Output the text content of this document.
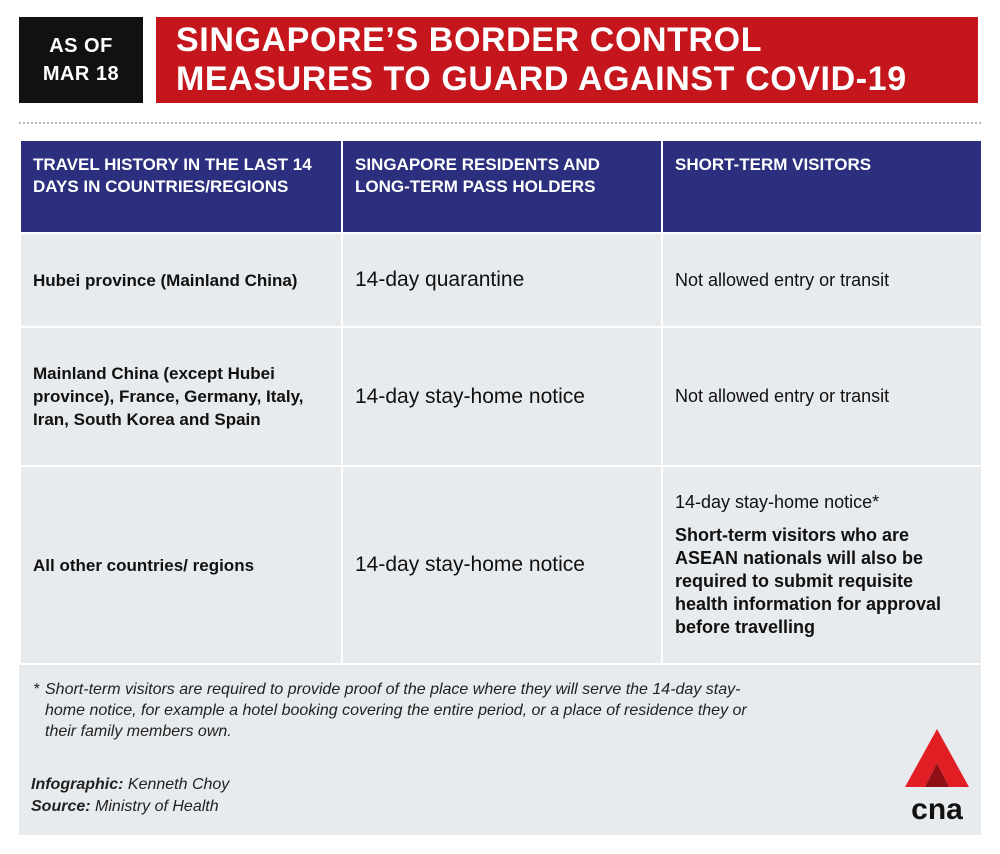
AS OF
MAR 18
SINGAPORE’S BORDER CONTROL
MEASURES TO GUARD AGAINST COVID-19
TRAVEL HISTORY IN THE LAST 14 DAYS IN COUNTRIES/REGIONS	SINGAPORE RESIDENTS AND LONG-TERM PASS HOLDERS	SHORT-TERM VISITORS
Hubei province (Mainland China)	14-day quarantine	Not allowed entry or transit
Mainland China (except Hubei province), France, Germany, Italy, Iran, South Korea and Spain	14-day stay-home notice	Not allowed entry or transit
All other countries/ regions	14-day stay-home notice	14-day stay-home notice*
Short-term visitors who are ASEAN nationals will also be required to submit requisite health information for approval before travelling
* Short-term visitors are required to provide proof of the place where they will serve the 14-day stay-home notice, for example a hotel booking covering the entire period, or a place of residence they or their family members own.
Infographic: Kenneth Choy
Source: Ministry of Health	cna
